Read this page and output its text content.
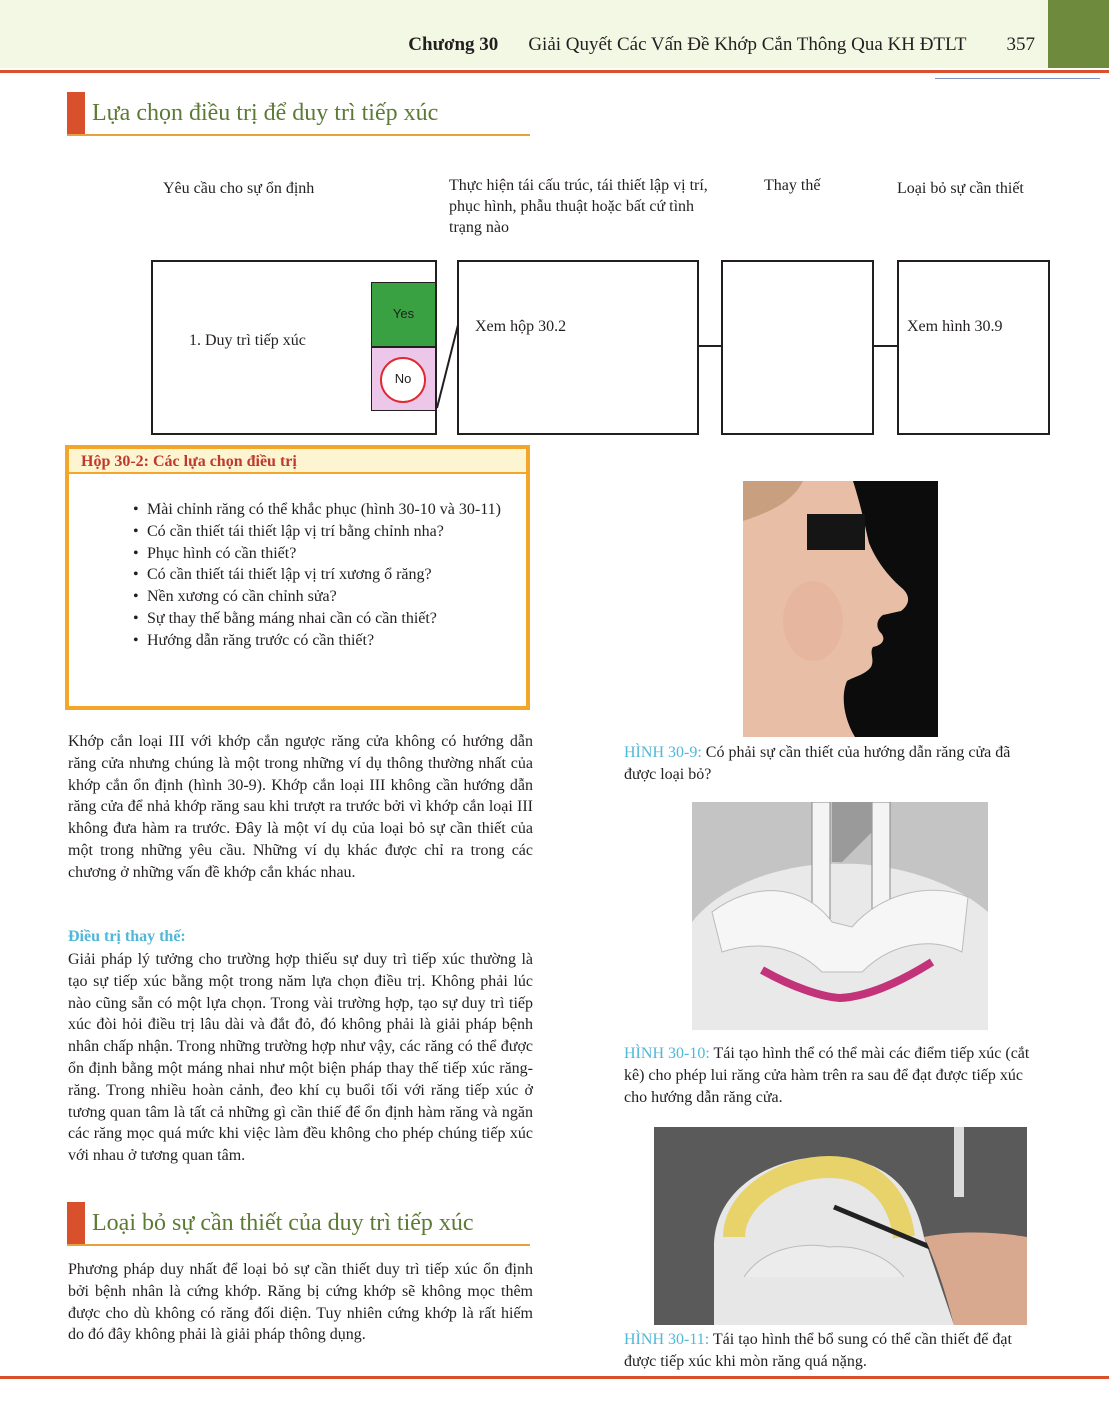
Chương 30 Giải Quyết Các Vấn Đề Khớp Cắn Thông Qua KH ĐTLT 357
Lựa chọn điều trị để duy trì tiếp xúc
Yêu cầu cho sự ổn định	Thực hiện tái cấu trúc, tái thiết lập vị trí, phục hình, phẫu thuật hoặc bất cứ tình trạng nào
Thay thế	Loại bỏ sự cần thiết
1. Duy trì tiếp xúc
Yes
No
Xem hộp 30.2	Xem hình 30.9
Hộp 30-2: Các lựa chọn điều trị
• Mài chỉnh răng có thể khắc phục (hình 30-10 và 30-11)
• Có cần thiết tái thiết lập vị trí bằng chỉnh nha?
• Phục hình có cần thiết?
• Có cần thiết tái thiết lập vị trí xương ổ răng?
• Nền xương có cần chỉnh sửa?
• Sự thay thế bằng máng nhai cần có cần thiết?
• Hướng dẫn răng trước có cần thiết?
Khớp cắn loại III với khớp cắn ngược răng cửa không có hướng dẫn răng cửa nhưng chúng là một trong những ví dụ thông thường nhất của khớp cắn ổn định (hình 30-9). Khớp cắn loại III không cần hướng dẫn răng cửa để nhả khớp răng sau khi trượt ra trước bởi vì khớp cắn loại III không đưa hàm ra trước. Đây là một ví dụ của loại bỏ sự cần thiết của một trong những yêu cầu. Những ví dụ khác được chỉ ra trong các chương ở những vấn đề khớp cắn khác nhau.
Điều trị thay thế:
Giải pháp lý tưởng cho trường hợp thiếu sự duy trì tiếp xúc thường là tạo sự tiếp xúc bằng một trong năm lựa chọn điều trị. Không phải lúc nào cũng sẵn có một lựa chọn. Trong vài trường hợp, tạo sự duy trì tiếp xúc đòi hỏi điều trị lâu dài và đắt đỏ, đó không phải là giải pháp bệnh nhân chấp nhận. Trong những trường hợp như vậy, các răng có thể được ổn định bằng một máng nhai như một biện pháp thay thế tiếp xúc răng-răng. Trong nhiều hoàn cảnh, đeo khí cụ buổi tối với răng tiếp xúc ở tương quan tâm là tất cả những gì cần thiế để ổn định hàm răng và ngăn các răng mọc quá mức khi việc làm đều không cho phép chúng tiếp xúc với nhau ở tương quan tâm.
Loại bỏ sự cần thiết của duy trì tiếp xúc
Phương pháp duy nhất để loại bỏ sự cần thiết duy trì tiếp xúc ổn định bởi bệnh nhân là cứng khớp. Răng bị cứng khớp sẽ không mọc thêm được cho dù không có răng đối diện. Tuy nhiên cứng khớp là rất hiếm do đó đây không phải là giải pháp thông dụng.
HÌNH 30-9: Có phải sự cần thiết của hướng dẫn răng cửa đã được loại bỏ?
HÌNH 30-10: Tái tạo hình thể có thể mài các điểm tiếp xúc (cắt kê) cho phép lui răng cửa hàm trên ra sau để đạt được tiếp xúc cho hướng dẫn răng cửa.
HÌNH 30-11: Tái tạo hình thể bổ sung có thể cần thiết để đạt được tiếp xúc khi mòn răng quá nặng.
